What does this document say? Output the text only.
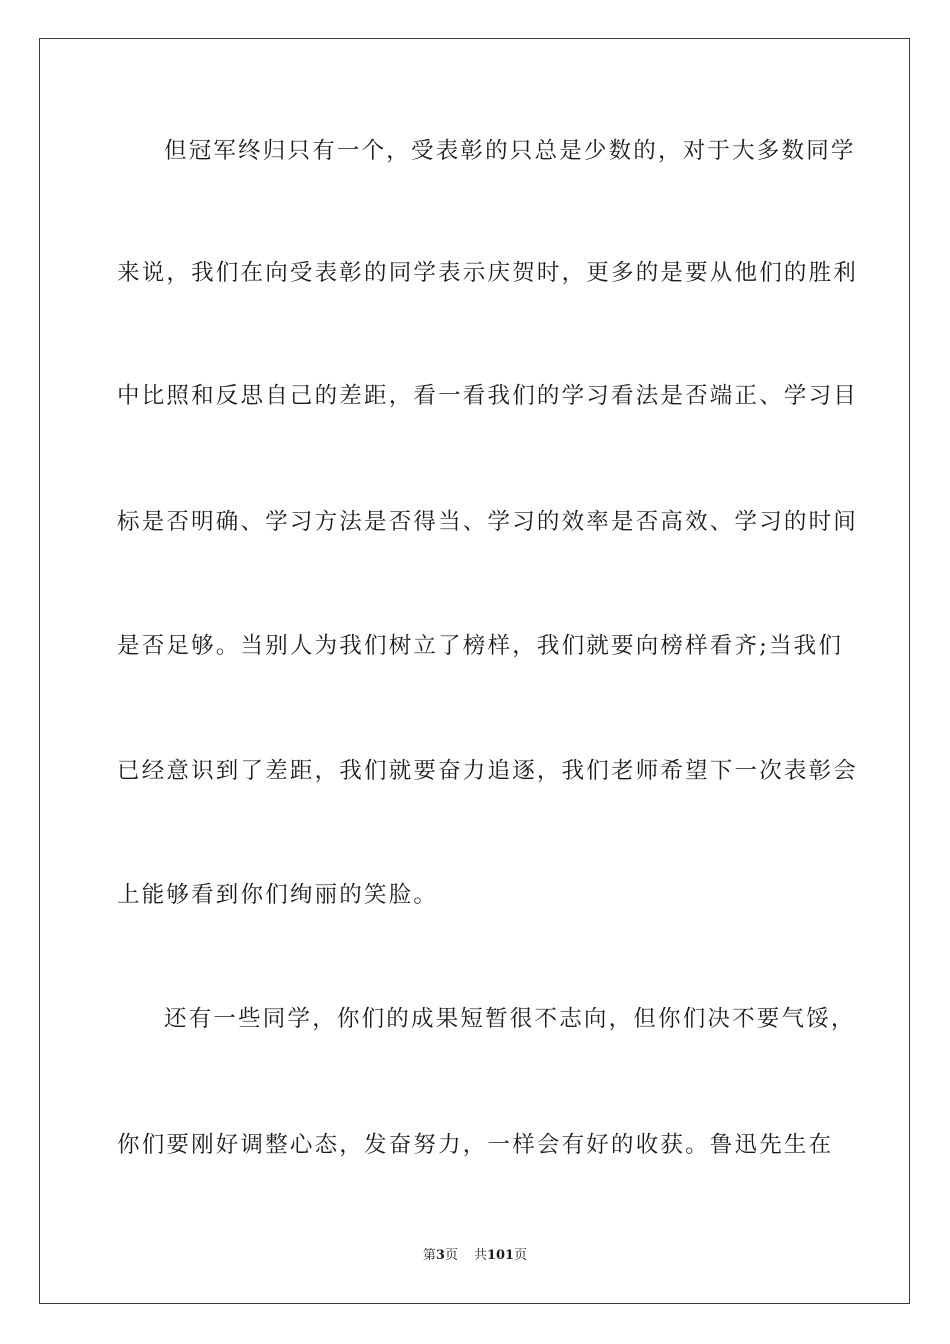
但冠军终归只有一个，受表彰的只总是少数的，对于大多数同学
来说，我们在向受表彰的同学表示庆贺时，更多的是要从他们的胜利
中比照和反思自己的差距，看一看我们的学习看法是否端正、学习目
标是否明确、学习方法是否得当、学习的效率是否高效、学习的时间
是否足够。当别人为我们树立了榜样，我们就要向榜样看齐;当我们
已经意识到了差距，我们就要奋力追逐，我们老师希望下一次表彰会
上能够看到你们绚丽的笑脸。
还有一些同学，你们的成果短暂很不志向，但你们决不要气馁，
你们要刚好调整心态，发奋努力，一样会有好的收获。鲁迅先生在
第3页 共101页
